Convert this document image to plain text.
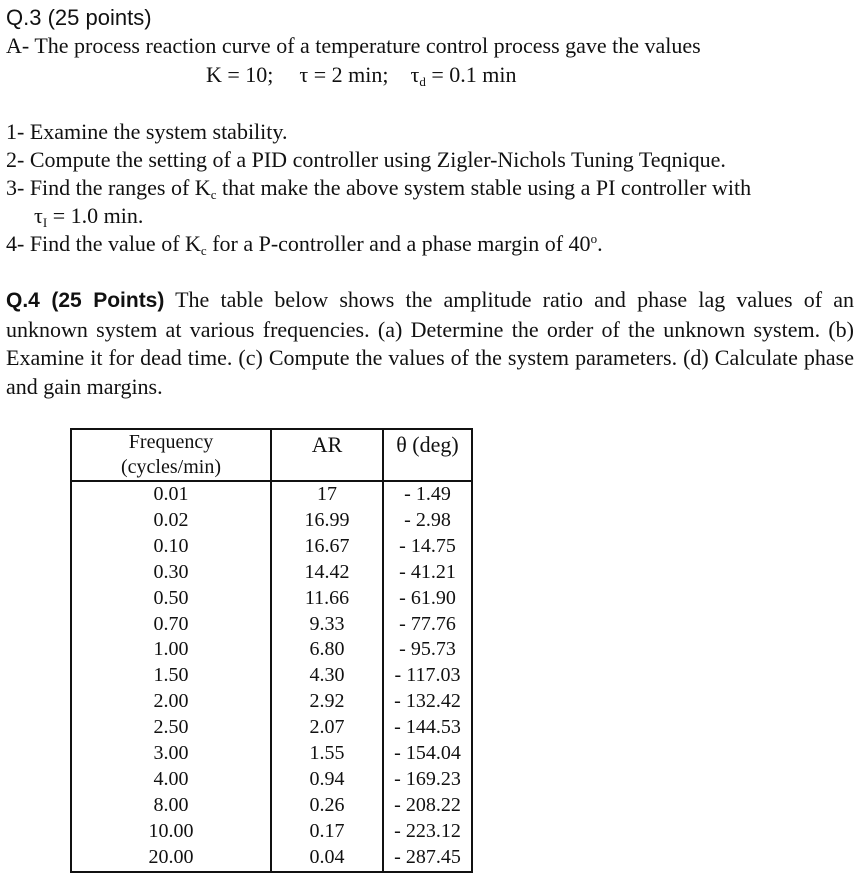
Q.3 (25 points)
A- The process reaction curve of a temperature control process gave the values
K = 10; τ = 2 min; $\tau_d = 0.1$ min
1- Examine the system stability.
2- Compute the setting of a PID controller using Zigler-Nichols Tuning Teqnique.
3- Find the ranges of $K_c$ that make the above system stable using a PI controller with
$\tau_I = 1.0$ min.
4- Find the value of $K_c$ for a P-controller and a phase margin of 40$^o$.
Q.4 (25 Points) The table below shows the amplitude ratio and phase lag values of an unknown system at various frequencies. (a) Determine the order of the unknown system. (b) Examine it for dead time. (c) Compute the values of the system parameters. (d) Calculate phase and gain margins.
Frequency
(cycles/min)	AR	θ (deg)
0.01	17	- 1.49
0.02	16.99	- 2.98
0.10	16.67	- 14.75
0.30	14.42	- 41.21
0.50	11.66	- 61.90
0.70	9.33	- 77.76
1.00	6.80	- 95.73
1.50	4.30	- 117.03
2.00	2.92	- 132.42
2.50	2.07	- 144.53
3.00	1.55	- 154.04
4.00	0.94	- 169.23
8.00	0.26	- 208.22
10.00	0.17	- 223.12
20.00	0.04	- 287.45
